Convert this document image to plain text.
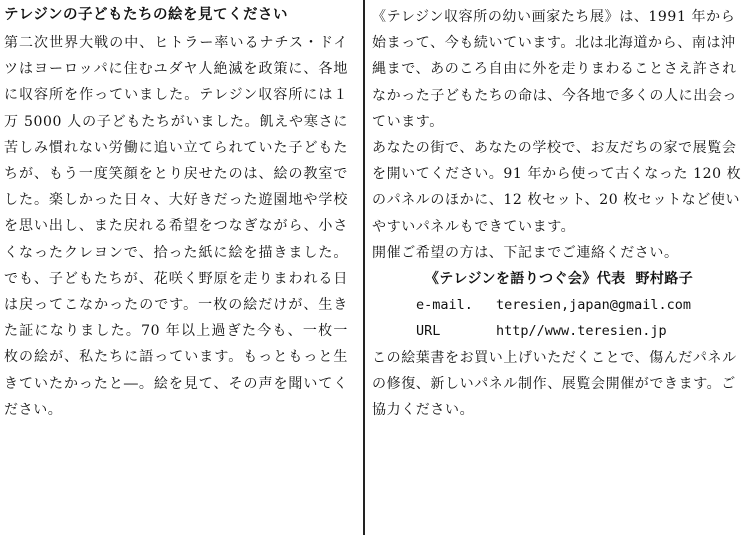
テレジンの子どもたちの絵を見てください

第二次世界大戦の中、ヒトラー率いるナチス・ドイツはヨーロッパに住むユダヤ人絶滅を政策に、各地に収容所を作っていました。テレジン収容所には１万 5000 人の子どもたちがいました。飢えや寒さに苦しみ慣れない労働に追い立てられていた子どもたちが、もう一度笑顔をとり戻せたのは、絵の教室でした。楽しかった日々、大好きだった遊園地や学校を思い出し、また戻れる希望をつなぎながら、小さくなったクレヨンで、拾った紙に絵を描きました。でも、子どもたちが、花咲く野原を走りまわれる日は戻ってこなかったのです。一枚の絵だけが、生きた証になりました。70 年以上過ぎた今も、一枚一枚の絵が、私たちに語っています。もっともっと生きていたかったと―。絵を見て、その声を聞いてください。

《テレジン収容所の幼い画家たち展》は、1991 年から始まって、今も続いています。北は北海道から、南は沖縄まで、あのころ自由に外を走りまわることさえ許されなかった子どもたちの命は、今各地で多くの人に出会っています。

あなたの街で、あなたの学校で、お友だちの家で展覧会を開いてください。91 年から使って古くなった 120 枚のパネルのほかに、12 枚セット、20 枚セットなど使いやすいパネルもできています。

開催ご希望の方は、下記までご連絡ください。

《テレジンを語りつぐ会》代表 野村路子

e-mail. teresien,japan@gmail.com

URL	http//www.teresien.jp

この絵葉書をお買い上げいただくことで、傷んだパネルの修復、新しいパネル制作、展覧会開催ができます。ご協力ください。
